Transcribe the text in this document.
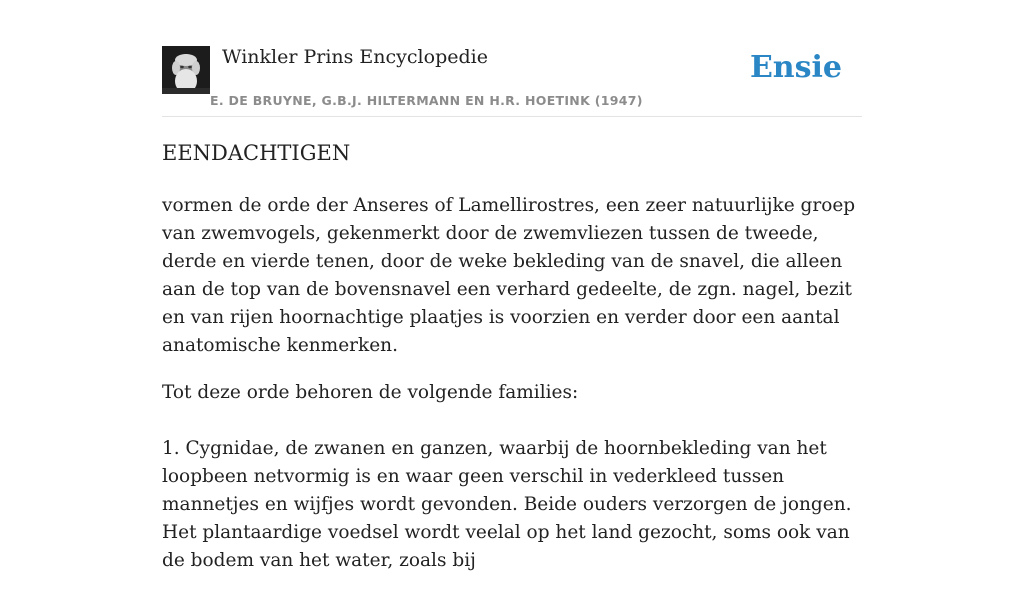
Winkler Prins Encyclopedie
E. DE BRUYNE, G.B.J. HILTERMANN EN H.R. HOETINK (1947)
Ensie
EENDACHTIGEN

vormen de orde der Anseres of Lamellirostres, een zeer natuurlijke groep van zwemvogels, gekenmerkt door de zwemvliezen tussen de tweede, derde en vierde tenen, door de weke bekleding van de snavel, die alleen aan de top van de bovensnavel een verhard gedeelte, de zgn. nagel, bezit en van rijen hoornachtige plaatjes is voorzien en verder door een aantal anatomische kenmerken.

Tot deze orde behoren de volgende families:

1. Cygnidae, de zwanen en ganzen, waarbij de hoornbekleding van het loopbeen netvormig is en waar geen verschil in vederkleed tussen mannetjes en wijfjes wordt gevonden. Beide ouders verzorgen de jongen. Het plantaardige voedsel wordt veelal op het land gezocht, soms ook van de bodem van het water, zoals bij
